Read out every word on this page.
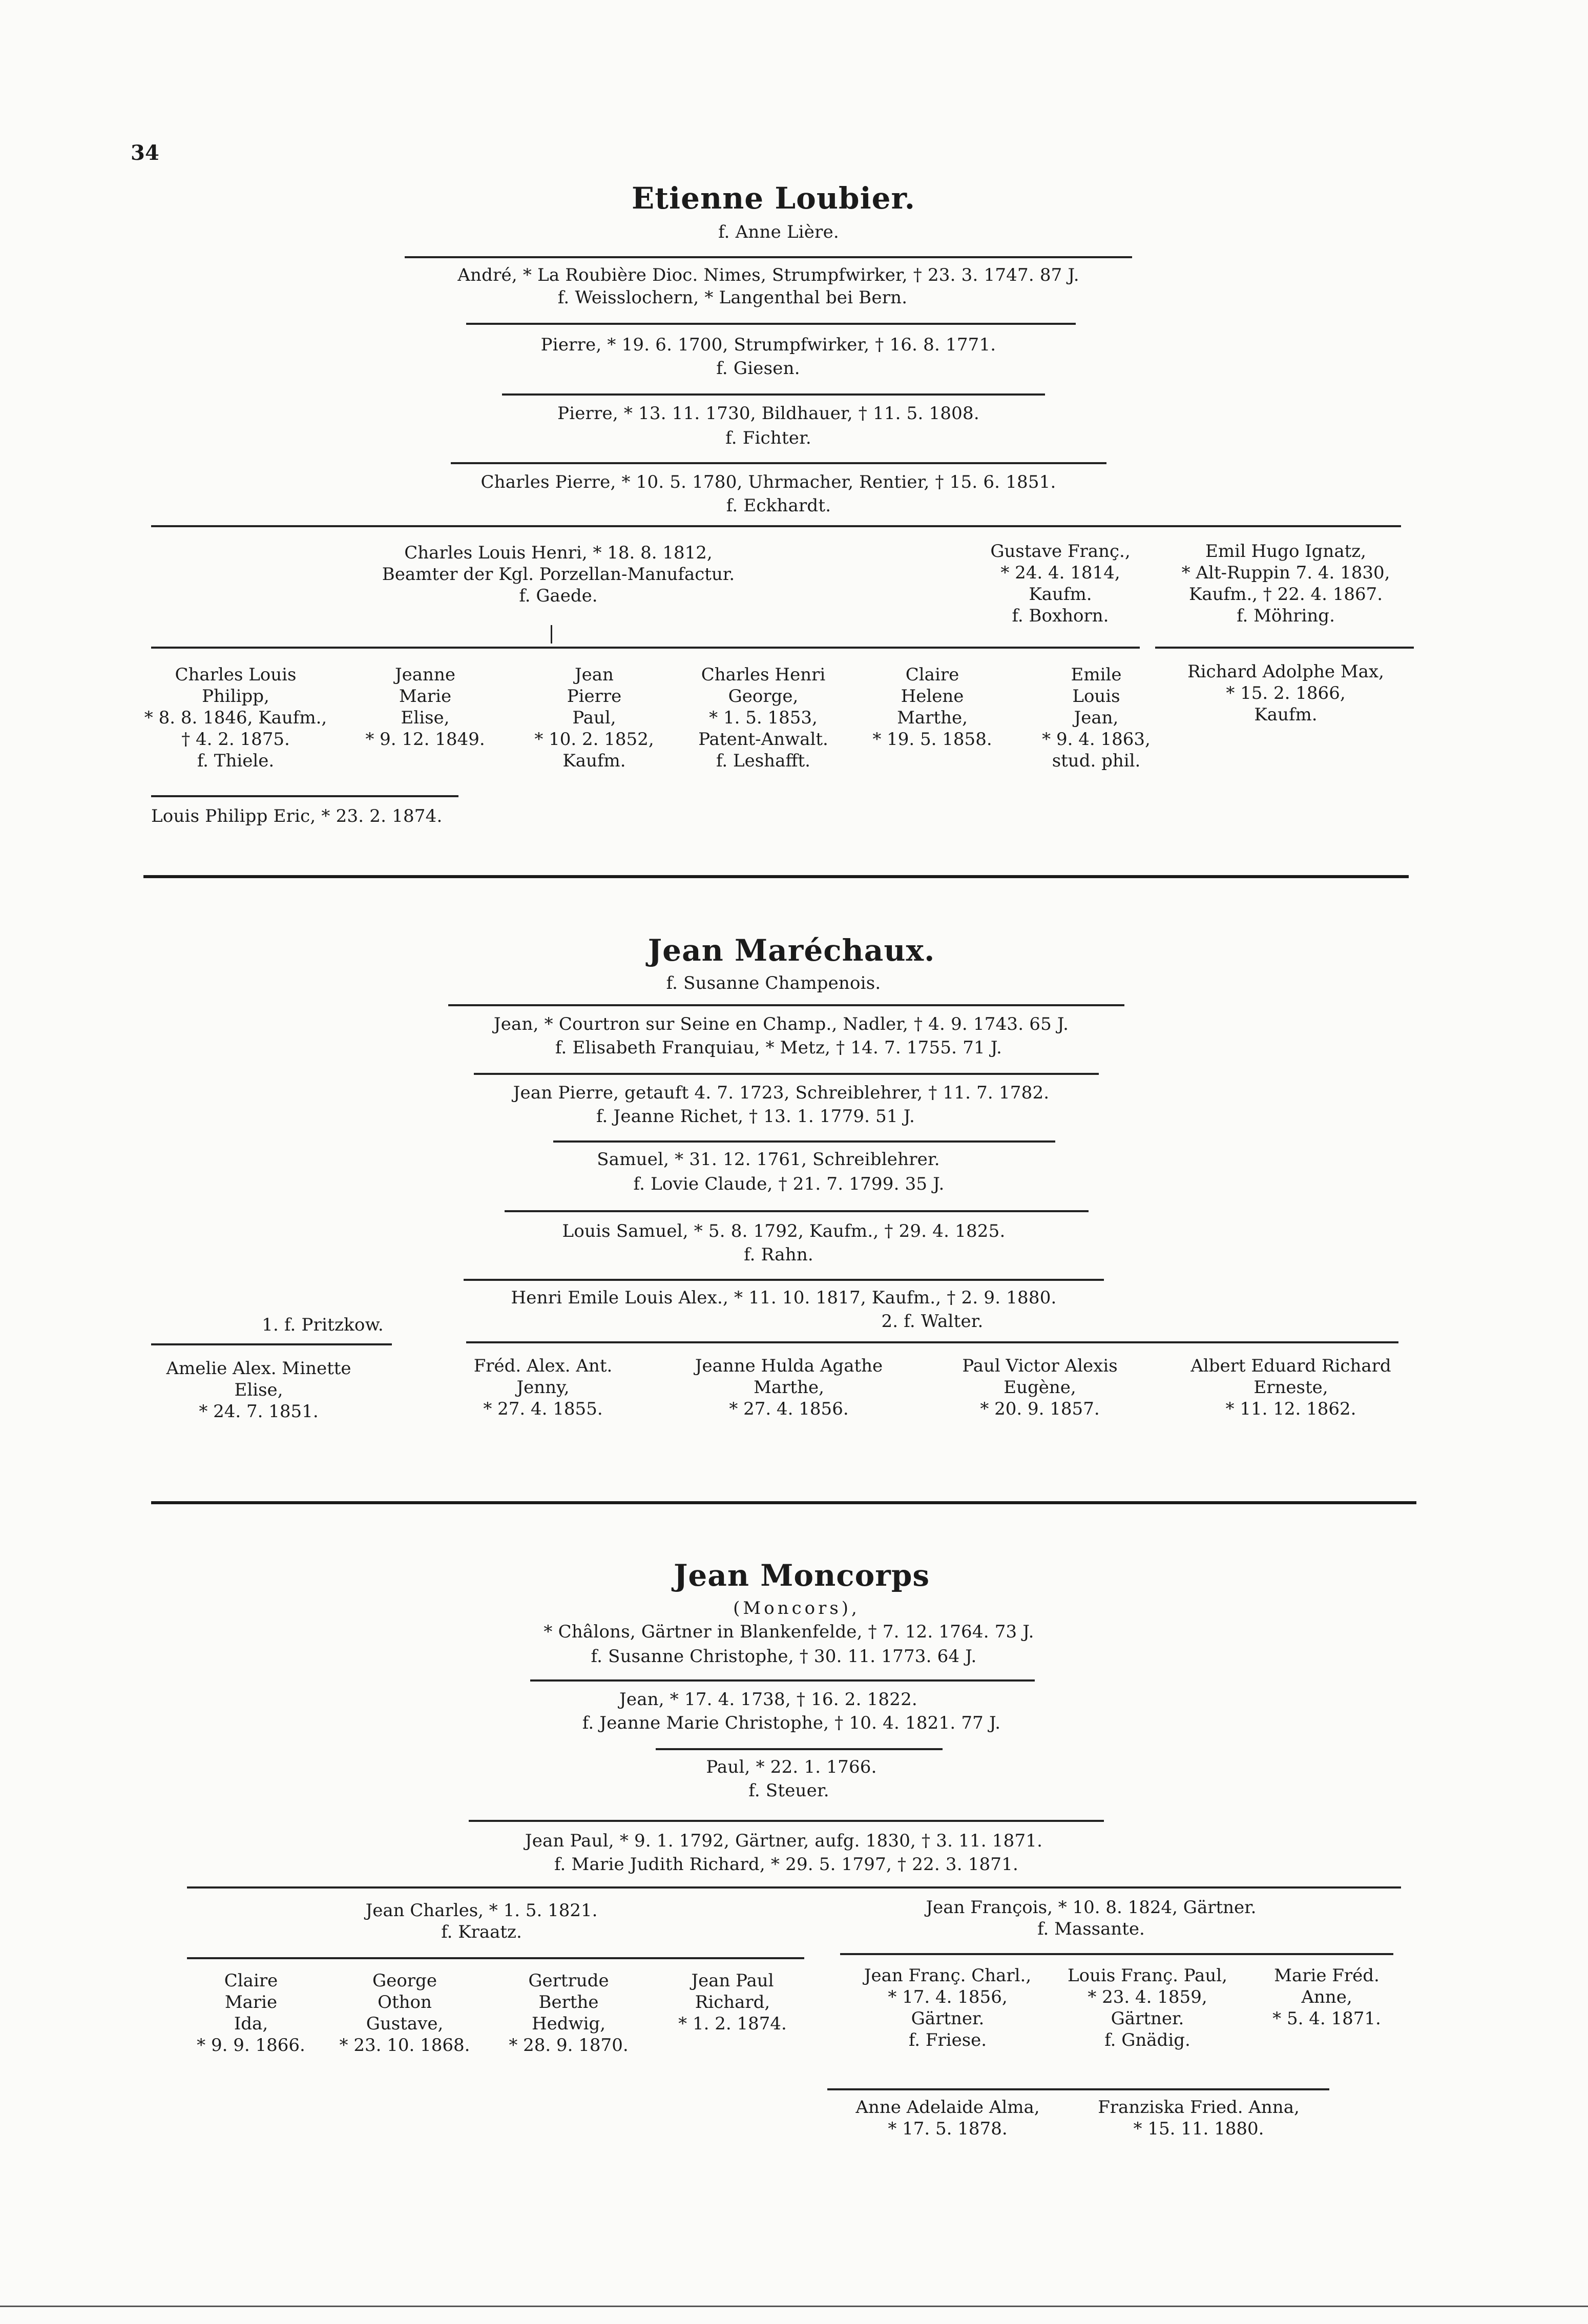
34
Etienne Loubier.
f. Anne Lière.
André, * La Roubière Dioc. Nimes, Strumpfwirker, † 23. 3. 1747. 87 J.
f. Weisslochern, * Langenthal bei Bern.
Pierre, * 19. 6. 1700, Strumpfwirker, † 16. 8. 1771.
f. Giesen.
Pierre, * 13. 11. 1730, Bildhauer, † 11. 5. 1808.
f. Fichter.
Charles Pierre, * 10. 5. 1780, Uhrmacher, Rentier, † 15. 6. 1851.
f. Eckhardt.
Charles Louis Henri, * 18. 8. 1812,
Beamter der Kgl. Porzellan-Manufactur.
f. Gaede.
Gustave Franç.,
* 24. 4. 1814,
Kaufm.
f. Boxhorn.
Emil Hugo Ignatz,
* Alt-Ruppin 7. 4. 1830,
Kaufm., † 22. 4. 1867.
f. Möhring.
Charles Louis
Philipp,
* 8. 8. 1846, Kaufm.,
† 4. 2. 1875.
f. Thiele.
Jeanne
Marie
Elise,
* 9. 12. 1849.
Jean
Pierre
Paul,
* 10. 2. 1852,
Kaufm.
Charles Henri
George,
* 1. 5. 1853,
Patent-Anwalt.
f. Leshafft.
Claire
Helene
Marthe,
* 19. 5. 1858.
Emile
Louis
Jean,
* 9. 4. 1863,
stud. phil.
Richard Adolphe Max,
* 15. 2. 1866,
Kaufm.
Louis Philipp Eric, * 23. 2. 1874.
Jean Maréchaux.
f. Susanne Champenois.
Jean, * Courtron sur Seine en Champ., Nadler, † 4. 9. 1743. 65 J.
f. Elisabeth Franquiau, * Metz, † 14. 7. 1755. 71 J.
Jean Pierre, getauft 4. 7. 1723, Schreiblehrer, † 11. 7. 1782.
f. Jeanne Richet, † 13. 1. 1779. 51 J.
Samuel, * 31. 12. 1761, Schreiblehrer.
f. Lovie Claude, † 21. 7. 1799. 35 J.
Louis Samuel, * 5. 8. 1792, Kaufm., † 29. 4. 1825.
f. Rahn.
Henri Emile Louis Alex., * 11. 10. 1817, Kaufm., † 2. 9. 1880.
1. f. Pritzkow.	2. f. Walter.
Amelie Alex. Minette
Elise,
* 24. 7. 1851.
Fréd. Alex. Ant.
Jenny,
* 27. 4. 1855.
Jeanne Hulda Agathe
Marthe,
* 27. 4. 1856.
Paul Victor Alexis
Eugène,
* 20. 9. 1857.
Albert Eduard Richard
Erneste,
* 11. 12. 1862.
Jean Moncorps
(Moncors),
* Châlons, Gärtner in Blankenfelde, † 7. 12. 1764. 73 J.
f. Susanne Christophe, † 30. 11. 1773. 64 J.
Jean, * 17. 4. 1738, † 16. 2. 1822.
f. Jeanne Marie Christophe, † 10. 4. 1821. 77 J.
Paul, * 22. 1. 1766.
f. Steuer.
Jean Paul, * 9. 1. 1792, Gärtner, aufg. 1830, † 3. 11. 1871.
f. Marie Judith Richard, * 29. 5. 1797, † 22. 3. 1871.
Jean Charles, * 1. 5. 1821.
f. Kraatz.
Jean François, * 10. 8. 1824, Gärtner.
f. Massante.
Claire
Marie
Ida,
* 9. 9. 1866.
George
Othon
Gustave,
* 23. 10. 1868.
Gertrude
Berthe
Hedwig,
* 28. 9. 1870.
Jean Paul
Richard,
* 1. 2. 1874.
Jean Franç. Charl.,
* 17. 4. 1856,
Gärtner.
f. Friese.
Louis Franç. Paul,
* 23. 4. 1859,
Gärtner.
f. Gnädig.
Marie Fréd.
Anne,
* 5. 4. 1871.
Anne Adelaide Alma,
* 17. 5. 1878.
Franziska Fried. Anna,
* 15. 11. 1880.
